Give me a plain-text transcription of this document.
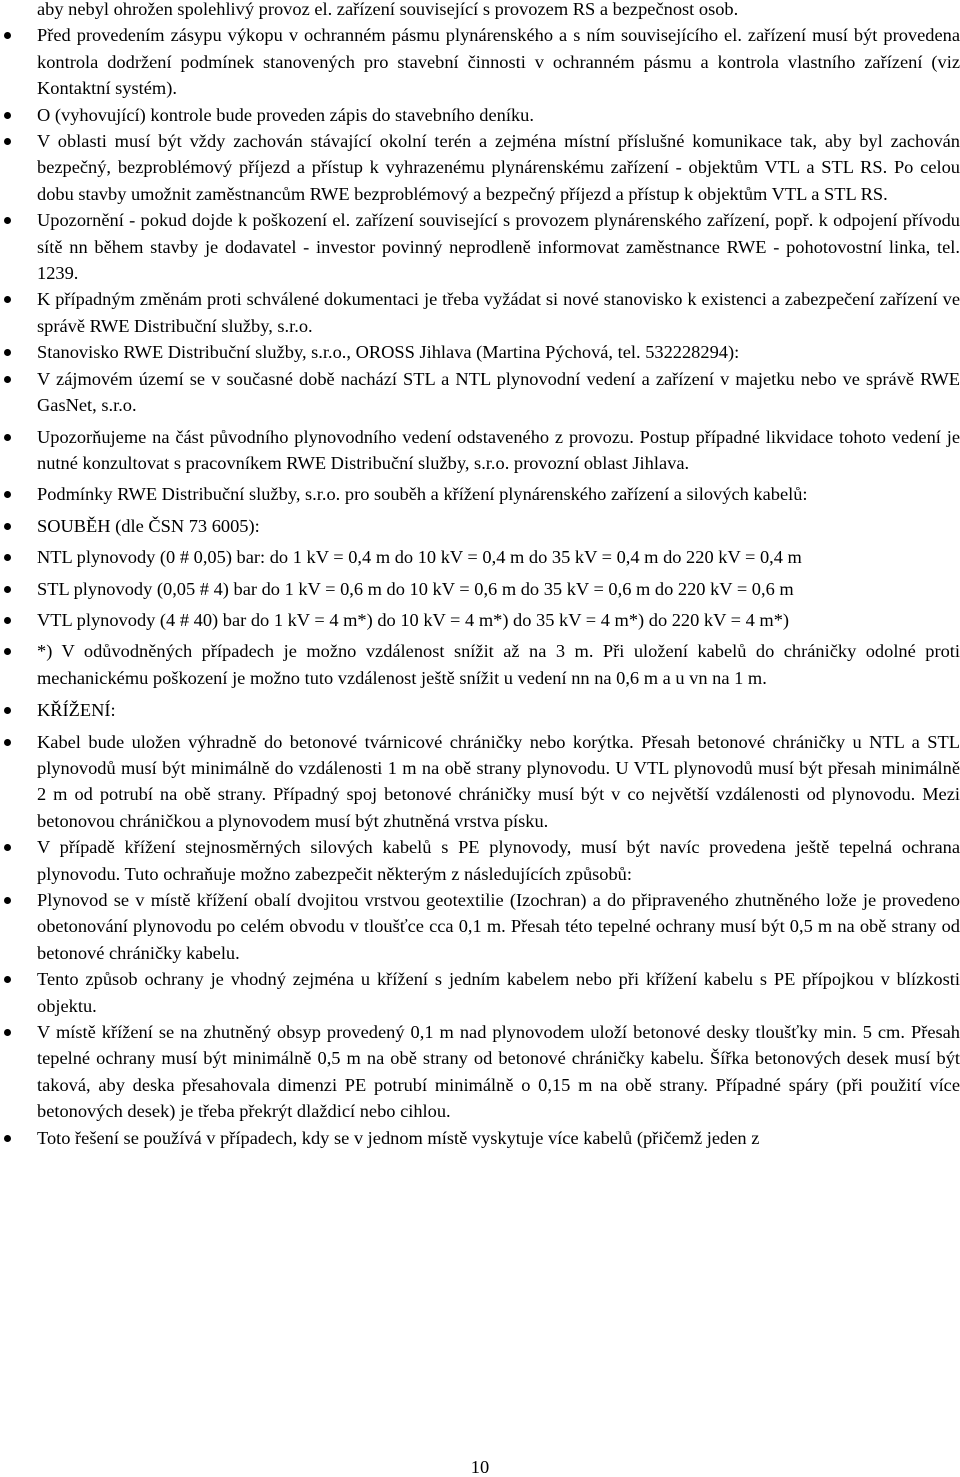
aby nebyl ohrožen spolehlivý provoz el. zařízení související s provozem RS a bezpečnost osob.

Před provedením zásypu výkopu v ochranném pásmu plynárenského a s ním souvisejícího el. zařízení musí být provedena kontrola dodržení podmínek stanovených pro stavební činnosti v ochranném pásmu a kontrola vlastního zařízení (viz Kontaktní systém).
O (vyhovující) kontrole bude proveden zápis do stavebního deníku.
V oblasti musí být vždy zachován stávající okolní terén a zejména místní příslušné komunikace tak, aby byl zachován bezpečný, bezproblémový příjezd a přístup k vyhrazenému plynárenskému zařízení - objektům VTL a STL RS. Po celou dobu stavby umožnit zaměstnancům RWE bezproblémový a bezpečný příjezd a přístup k objektům VTL a STL RS.
Upozornění - pokud dojde k poškození el. zařízení související s provozem plynárenského zařízení, popř. k odpojení přívodu sítě nn během stavby je dodavatel - investor povinný neprodleně informovat zaměstnance RWE - pohotovostní linka, tel. 1239.
K případným změnám proti schválené dokumentaci je třeba vyžádat si nové stanovisko k existenci a zabezpečení zařízení ve správě RWE Distribuční služby, s.r.o.
Stanovisko RWE Distribuční služby, s.r.o., OROSS Jihlava (Martina Pýchová, tel. 532228294):
V zájmovém území se v současné době nachází STL a NTL plynovodní vedení a zařízení v majetku nebo ve správě RWE GasNet, s.r.o.
Upozorňujeme na část původního plynovodního vedení odstaveného z provozu. Postup případné likvidace tohoto vedení je nutné konzultovat s pracovníkem RWE Distribuční služby, s.r.o. provozní oblast Jihlava.
Podmínky RWE Distribuční služby, s.r.o. pro souběh a křížení plynárenského zařízení a silových kabelů:
SOUBĚH (dle ČSN 73 6005):
NTL plynovody (0 # 0,05) bar: do 1 kV = 0,4 m do 10 kV = 0,4 m do 35 kV = 0,4 m do 220 kV = 0,4 m
STL plynovody (0,05 # 4) bar do 1 kV = 0,6 m do 10 kV = 0,6 m do 35 kV = 0,6 m do 220 kV = 0,6 m
VTL plynovody (4 # 40) bar do 1 kV = 4 m*) do 10 kV = 4 m*) do 35 kV = 4 m*) do 220 kV = 4 m*)
*) V odůvodněných případech je možno vzdálenost snížit až na 3 m. Při uložení kabelů do chráničky odolné proti mechanickému poškození je možno tuto vzdálenost ještě snížit u vedení nn na 0,6 m a u vn na 1 m.
KŘÍŽENÍ:
Kabel bude uložen výhradně do betonové tvárnicové chráničky nebo korýtka. Přesah betonové chráničky u NTL a STL plynovodů musí být minimálně do vzdálenosti 1 m na obě strany plynovodu. U VTL plynovodů musí být přesah minimálně 2 m od potrubí na obě strany. Případný spoj betonové chráničky musí být v co největší vzdálenosti od plynovodu. Mezi betonovou chráničkou a plynovodem musí být zhutněná vrstva písku.
V případě křížení stejnosměrných silových kabelů s PE plynovody, musí být navíc provedena ještě tepelná ochrana plynovodu. Tuto ochraňuje možno zabezpečit některým z následujících způsobů:
Plynovod se v místě křížení obalí dvojitou vrstvou geotextilie (Izochran) a do připraveného zhutněného lože je provedeno obetonování plynovodu po celém obvodu v tloušťce cca 0,1 m. Přesah této tepelné ochrany musí být 0,5 m na obě strany od betonové chráničky kabelu.
Tento způsob ochrany je vhodný zejména u křížení s jedním kabelem nebo při křížení kabelu s PE přípojkou v blízkosti objektu.
V místě křížení se na zhutněný obsyp provedený 0,1 m nad plynovodem uloží betonové desky tloušťky min. 5 cm. Přesah tepelné ochrany musí být minimálně 0,5 m na obě strany od betonové chráničky kabelu. Šířka betonových desek musí být taková, aby deska přesahovala dimenzi PE potrubí minimálně o 0,15 m na obě strany. Případné spáry (při použití více betonových desek) je třeba překrýt dlaždicí nebo cihlou.
Toto řešení se používá v případech, kdy se v jednom místě vyskytuje více kabelů (přičemž jeden z
10
